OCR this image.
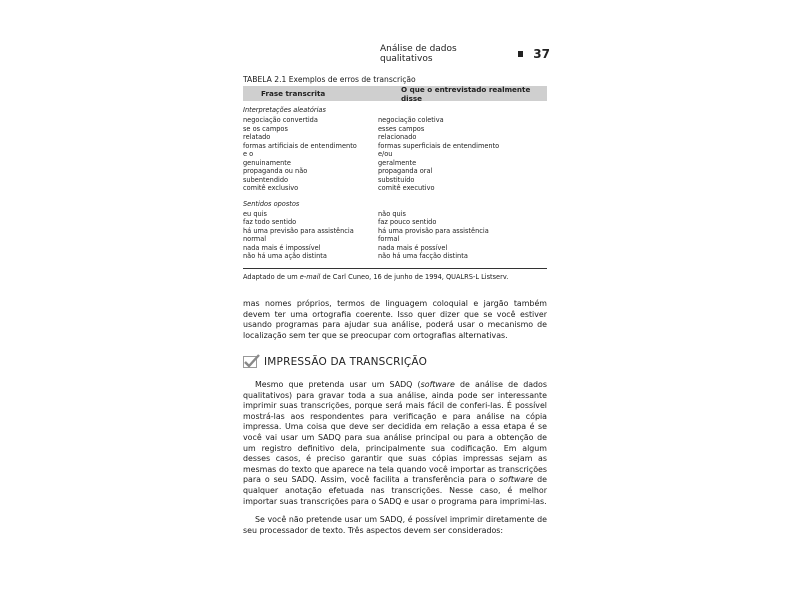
Análise de dados qualitativos	37
TABELA 2.1 Exemplos de erros de transcrição
Frase transcrita	O que o entrevistado realmente disse
Interpretações aleatórias
negociação convertida	negociação coletiva
se os campos	esses campos
relatado	relacionado
formas artificiais de entendimento	formas superficiais de entendimento
e o	e/ou
genuinamente	geralmente
propaganda ou não	propaganda oral
subentendido	substituído
comitê exclusivo	comitê executivo
Sentidos opostos
eu quis	não quis
faz todo sentido	faz pouco sentido
há uma previsão para assistência	há uma provisão para assistência
normal	formal
nada mais é impossível	nada mais é possível
não há uma ação distinta	não há uma facção distinta
Adaptado de um e-mail de Carl Cuneo, 16 de junho de 1994, QUALRS-L Listserv.

mas nomes próprios, termos de linguagem coloquial e jargão também devem ter uma ortografia coerente. Isso quer dizer que se você estiver usando programas para ajudar sua análise, poderá usar o mecanismo de localização sem ter que se preocupar com ortografias alternativas.

IMPRESSÃO DA TRANSCRIÇÃO

Mesmo que pretenda usar um SADQ (software de análise de dados qualitativos) para gravar toda a sua análise, ainda pode ser interessante imprimir suas transcrições, porque será mais fácil de conferi-las. É possível mostrá-las aos respondentes para verificação e para análise na cópia impressa. Uma coisa que deve ser decidida em relação a essa etapa é se você vai usar um SADQ para sua análise principal ou para a obtenção de um registro definitivo dela, principalmente sua codificação. Em algum desses casos, é preciso garantir que suas cópias impressas sejam as mesmas do texto que aparece na tela quando você importar as transcrições para o seu SADQ. Assim, você facilita a transferência para o software de qualquer anotação efetuada nas transcrições. Nesse caso, é melhor importar suas transcrições para o SADQ e usar o programa para imprimi-las.

Se você não pretende usar um SADQ, é possível imprimir diretamente de seu processador de texto. Três aspectos devem ser considerados:
